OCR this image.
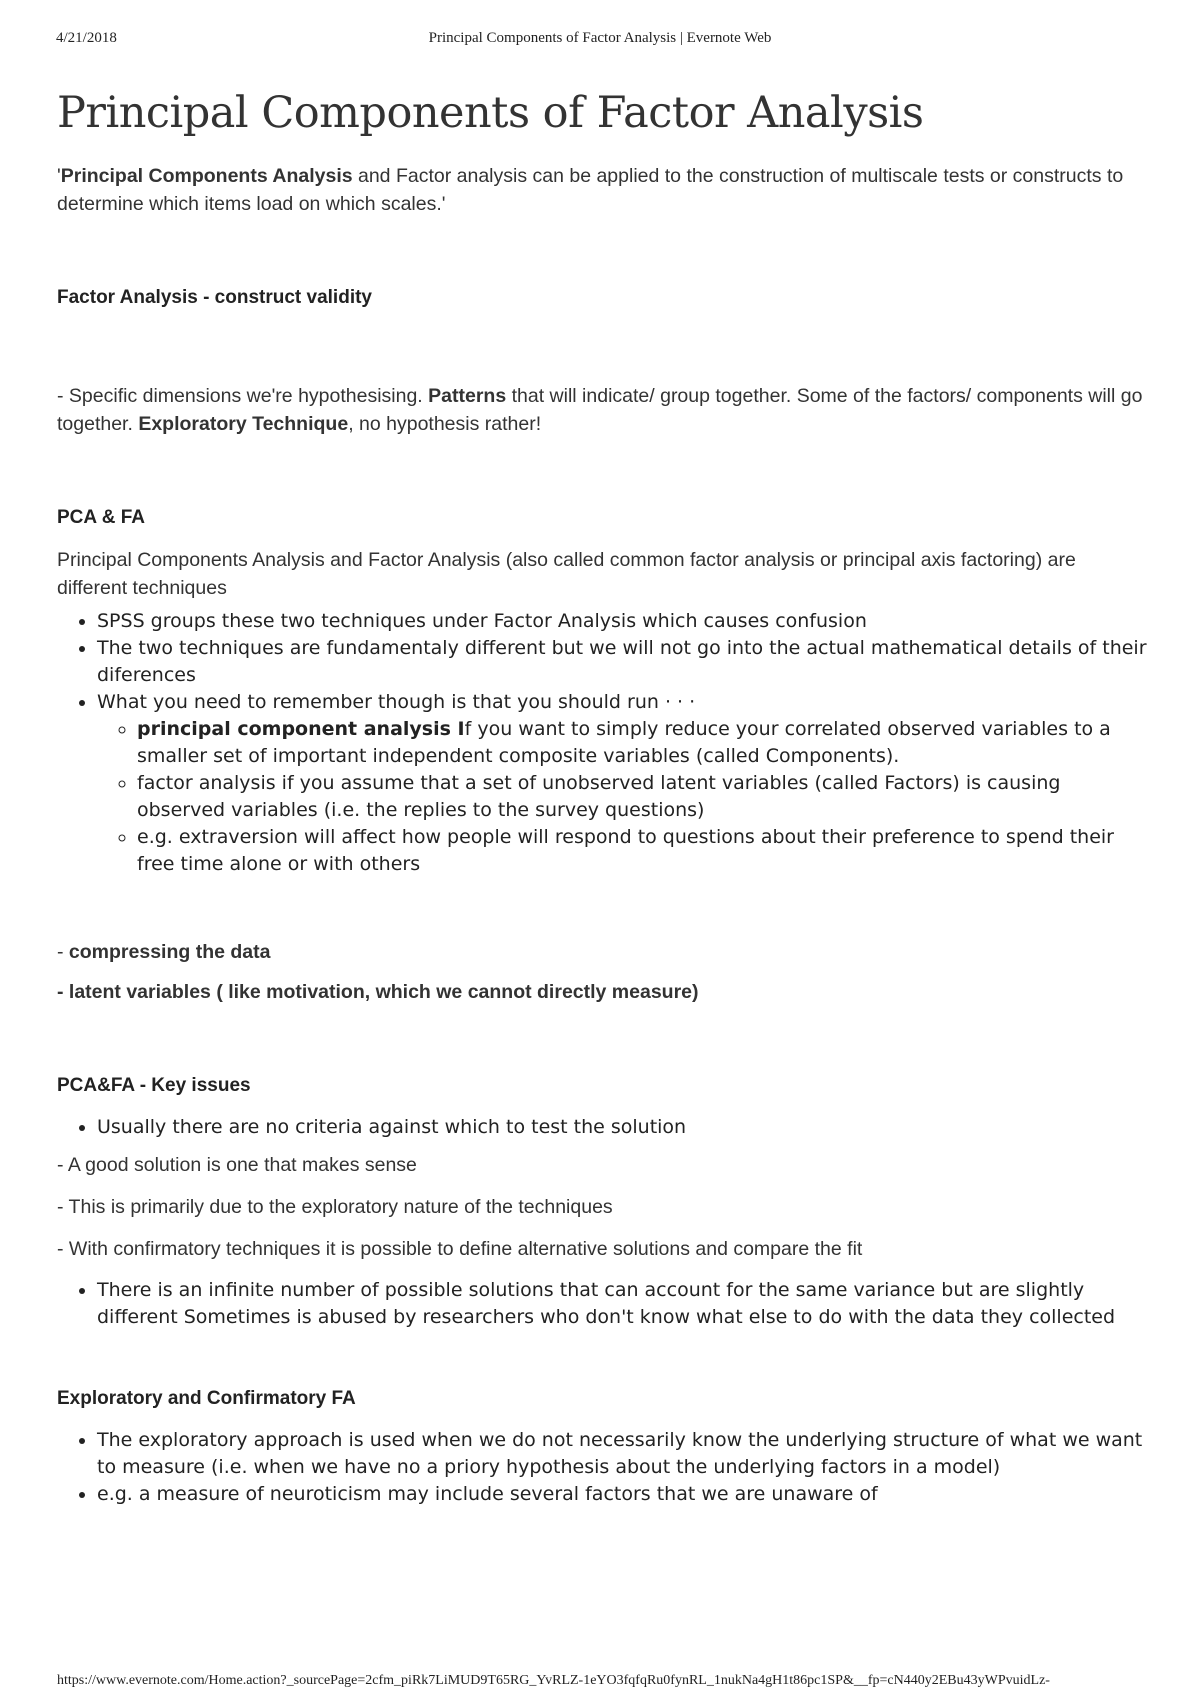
4/21/2018	Principal Components of Factor Analysis | Evernote Web
Principal Components of Factor Analysis

'Principal Components Analysis and Factor analysis can be applied to the construction of multiscale tests or constructs to determine which items load on which scales.'

Factor Analysis - construct validity

- Specific dimensions we're hypothesising. Patterns that will indicate/ group together. Some of the factors/ components will go together. Exploratory Technique, no hypothesis rather!

PCA & FA

Principal Components Analysis and Factor Analysis (also called common factor analysis or principal axis factoring) are different techniques

• SPSS groups these two techniques under Factor Analysis which causes confusion
• The two techniques are fundamentaly different but we will not go into the actual mathematical details of their diferences
• What you need to remember though is that you should run · · ·
◦ principal component analysis If you want to simply reduce your correlated observed variables to a smaller set of important independent composite variables (called Components).
◦ factor analysis if you assume that a set of unobserved latent variables (called Factors) is causing observed variables (i.e. the replies to the survey questions)
◦ e.g. extraversion will affect how people will respond to questions about their preference to spend their free time alone or with others

- compressing the data

- latent variables ( like motivation, which we cannot directly measure)

PCA&FA - Key issues

• Usually there are no criteria against which to test the solution

- A good solution is one that makes sense

- This is primarily due to the exploratory nature of the techniques

- With confirmatory techniques it is possible to define alternative solutions and compare the fit

• There is an infinite number of possible solutions that can account for the same variance but are slightly different Sometimes is abused by researchers who don't know what else to do with the data they collected

Exploratory and Confirmatory FA

• The exploratory approach is used when we do not necessarily know the underlying structure of what we want to measure (i.e. when we have no a priory hypothesis about the underlying factors in a model)
• e.g. a measure of neuroticism may include several factors that we are unaware of
https://www.evernote.com/Home.action?_sourcePage=2cfm_piRk7LiMUD9T65RG_YvRLZ-1eYO3fqfqRu0fynRL_1nukNa4gH1t86pc1SP&__fp=cN440y2EBu43yWPvuidLz-
